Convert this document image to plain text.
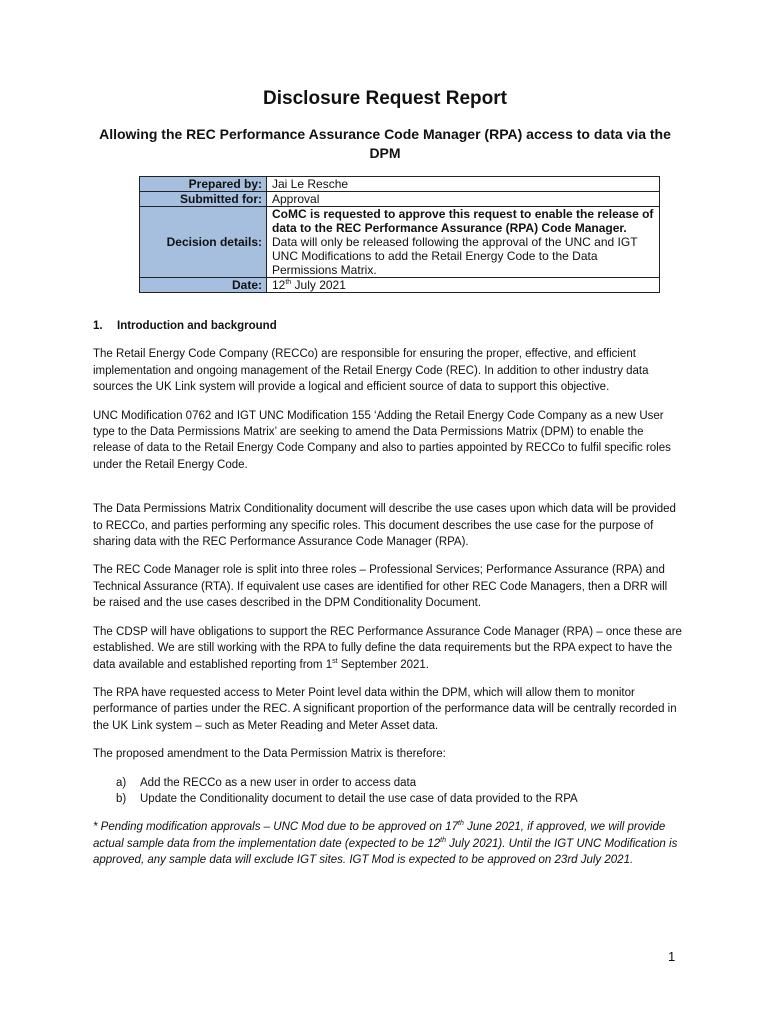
Disclosure Request Report
Allowing the REC Performance Assurance Code Manager (RPA) access to data via the DPM
Prepared by:	Jai Le Resche
Submitted for:	Approval
Decision details:	CoMC is requested to approve this request to enable the release of data to the REC Performance Assurance (RPA) Code Manager. Data will only be released following the approval of the UNC and IGT UNC Modifications to add the Retail Energy Code to the Data Permissions Matrix.
Date:	12th July 2021
1. Introduction and background

The Retail Energy Code Company (RECCo) are responsible for ensuring the proper, effective, and efficient implementation and ongoing management of the Retail Energy Code (REC). In addition to other industry data sources the UK Link system will provide a logical and efficient source of data to support this objective.

UNC Modification 0762 and IGT UNC Modification 155 ‘Adding the Retail Energy Code Company as a new User type to the Data Permissions Matrix’ are seeking to amend the Data Permissions Matrix (DPM) to enable the release of data to the Retail Energy Code Company and also to parties appointed by RECCo to fulfil specific roles under the Retail Energy Code.

The Data Permissions Matrix Conditionality document will describe the use cases upon which data will be provided to RECCo, and parties performing any specific roles. This document describes the use case for the purpose of sharing data with the REC Performance Assurance Code Manager (RPA).

The REC Code Manager role is split into three roles – Professional Services; Performance Assurance (RPA) and Technical Assurance (RTA). If equivalent use cases are identified for other REC Code Managers, then a DRR will be raised and the use cases described in the DPM Conditionality Document.

The CDSP will have obligations to support the REC Performance Assurance Code Manager (RPA) – once these are established. We are still working with the RPA to fully define the data requirements but the RPA expect to have the data available and established reporting from 1st September 2021.

The RPA have requested access to Meter Point level data within the DPM, which will allow them to monitor performance of parties under the REC. A significant proportion of the performance data will be centrally recorded in the UK Link system – such as Meter Reading and Meter Asset data.

The proposed amendment to the Data Permission Matrix is therefore:

a) Add the RECCo as a new user in order to access data
b) Update the Conditionality document to detail the use case of data provided to the RPA

* Pending modification approvals – UNC Mod due to be approved on 17th June 2021, if approved, we will provide actual sample data from the implementation date (expected to be 12th July 2021). Until the IGT UNC Modification is approved, any sample data will exclude IGT sites. IGT Mod is expected to be approved on 23rd July 2021.

1
